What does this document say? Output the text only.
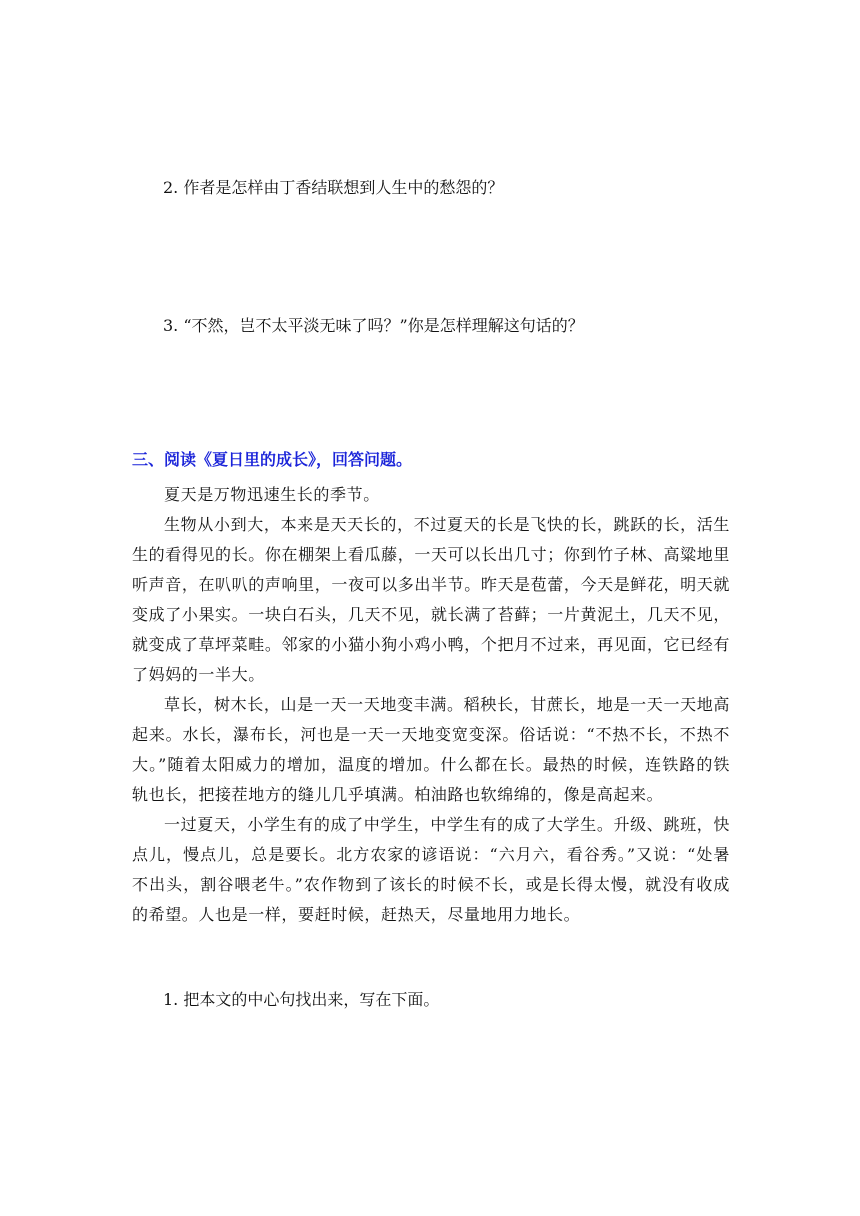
2. 作者是怎样由丁香结联想到人生中的愁怨的？
3. “不然，岂不太平淡无味了吗？”你是怎样理解这句话的？
三、阅读《夏日里的成长》，回答问题。

夏天是万物迅速生长的季节。

生物从小到大，本来是天天长的，不过夏天的长是飞快的长，跳跃的长，活生生的看得见的长。你在棚架上看瓜藤，一天可以长出几寸；你到竹子林、高粱地里听声音，在叭叭的声响里，一夜可以多出半节。昨天是苞蕾，今天是鲜花，明天就变成了小果实。一块白石头，几天不见，就长满了苔藓；一片黄泥土，几天不见，就变成了草坪菜畦。邻家的小猫小狗小鸡小鸭，个把月不过来，再见面，它已经有了妈妈的一半大。

草长，树木长，山是一天一天地变丰满。稻秧长，甘蔗长，地是一天一天地高起来。水长，瀑布长，河也是一天一天地变宽变深。俗话说：“不热不长，不热不大。”随着太阳威力的增加，温度的增加。什么都在长。最热的时候，连铁路的铁轨也长，把接茬地方的缝儿几乎填满。柏油路也软绵绵的，像是高起来。

一过夏天，小学生有的成了中学生，中学生有的成了大学生。升级、跳班，快点儿，慢点儿，总是要长。北方农家的谚语说：“六月六，看谷秀。”又说：“处暑不出头，割谷喂老牛。”农作物到了该长的时候不长，或是长得太慢，就没有收成的希望。人也是一样，要赶时候，赶热天，尽量地用力地长。

1. 把本文的中心句找出来，写在下面。
